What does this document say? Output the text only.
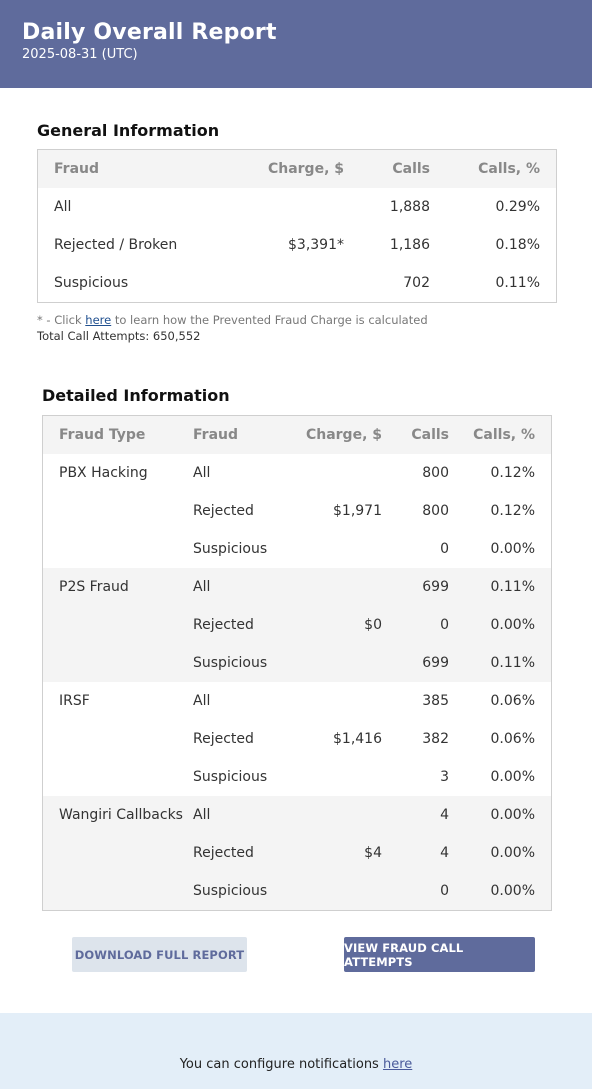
Daily Overall Report
2025-08-31 (UTC)
General Information
Fraud	Charge, $	Calls	Calls, %
All		1,888	0.29%
Rejected / Broken	$3,391*	1,186	0.18%
Suspicious		702	0.11%
* - Click here to learn how the Prevented Fraud Charge is calculated
Total Call Attempts: 650,552
Detailed Information
Fraud Type	Fraud	Charge, $	Calls	Calls, %
PBX Hacking	All		800	0.12%
	Rejected	$1,971	800	0.12%
	Suspicious		0	0.00%
P2S Fraud	All		699	0.11%
	Rejected	$0	0	0.00%
	Suspicious		699	0.11%
IRSF	All		385	0.06%
	Rejected	$1,416	382	0.06%
	Suspicious		3	0.00%
Wangiri Callbacks	All		4	0.00%
	Rejected	$4	4	0.00%
	Suspicious		0	0.00%
DOWNLOAD FULL REPORT	VIEW FRAUD CALL ATTEMPTS
You can configure notifications here
